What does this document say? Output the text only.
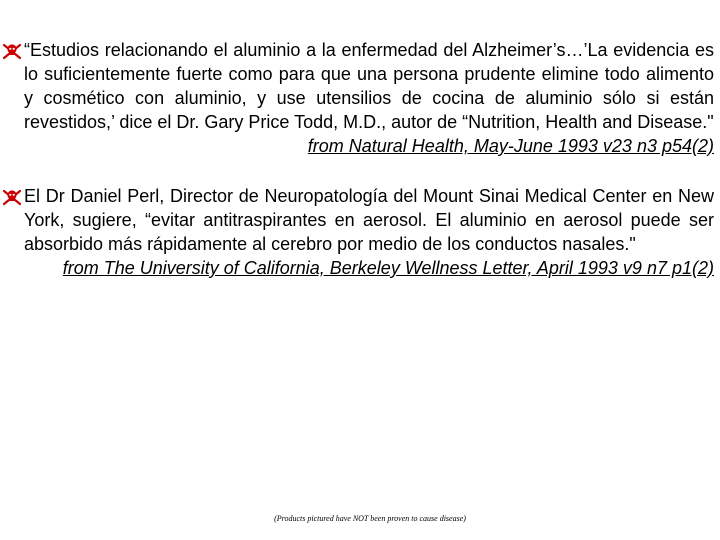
“Estudios relacionando el aluminio a la enfermedad del Alzheimer’s…’La evidencia es lo suficientemente fuerte como para que una persona prudente elimine todo alimento y cosmético con aluminio, y use utensilios de cocina de aluminio sólo si están revestidos,’ dice el Dr. Gary Price Todd, M.D., autor de “Nutrition, Health and Disease."

from Natural Health, May-June 1993 v23 n3 p54(2)

El Dr Daniel Perl, Director de Neuropatología del Mount Sinai Medical Center en New York, sugiere, “evitar antitraspirantes en aerosol. El aluminio en aerosol puede ser absorbido más rápidamente al cerebro por medio de los conductos nasales."

from The University of California, Berkeley Wellness Letter, April 1993 v9 n7 p1(2)

(Products pictured have NOT been proven to cause disease)
